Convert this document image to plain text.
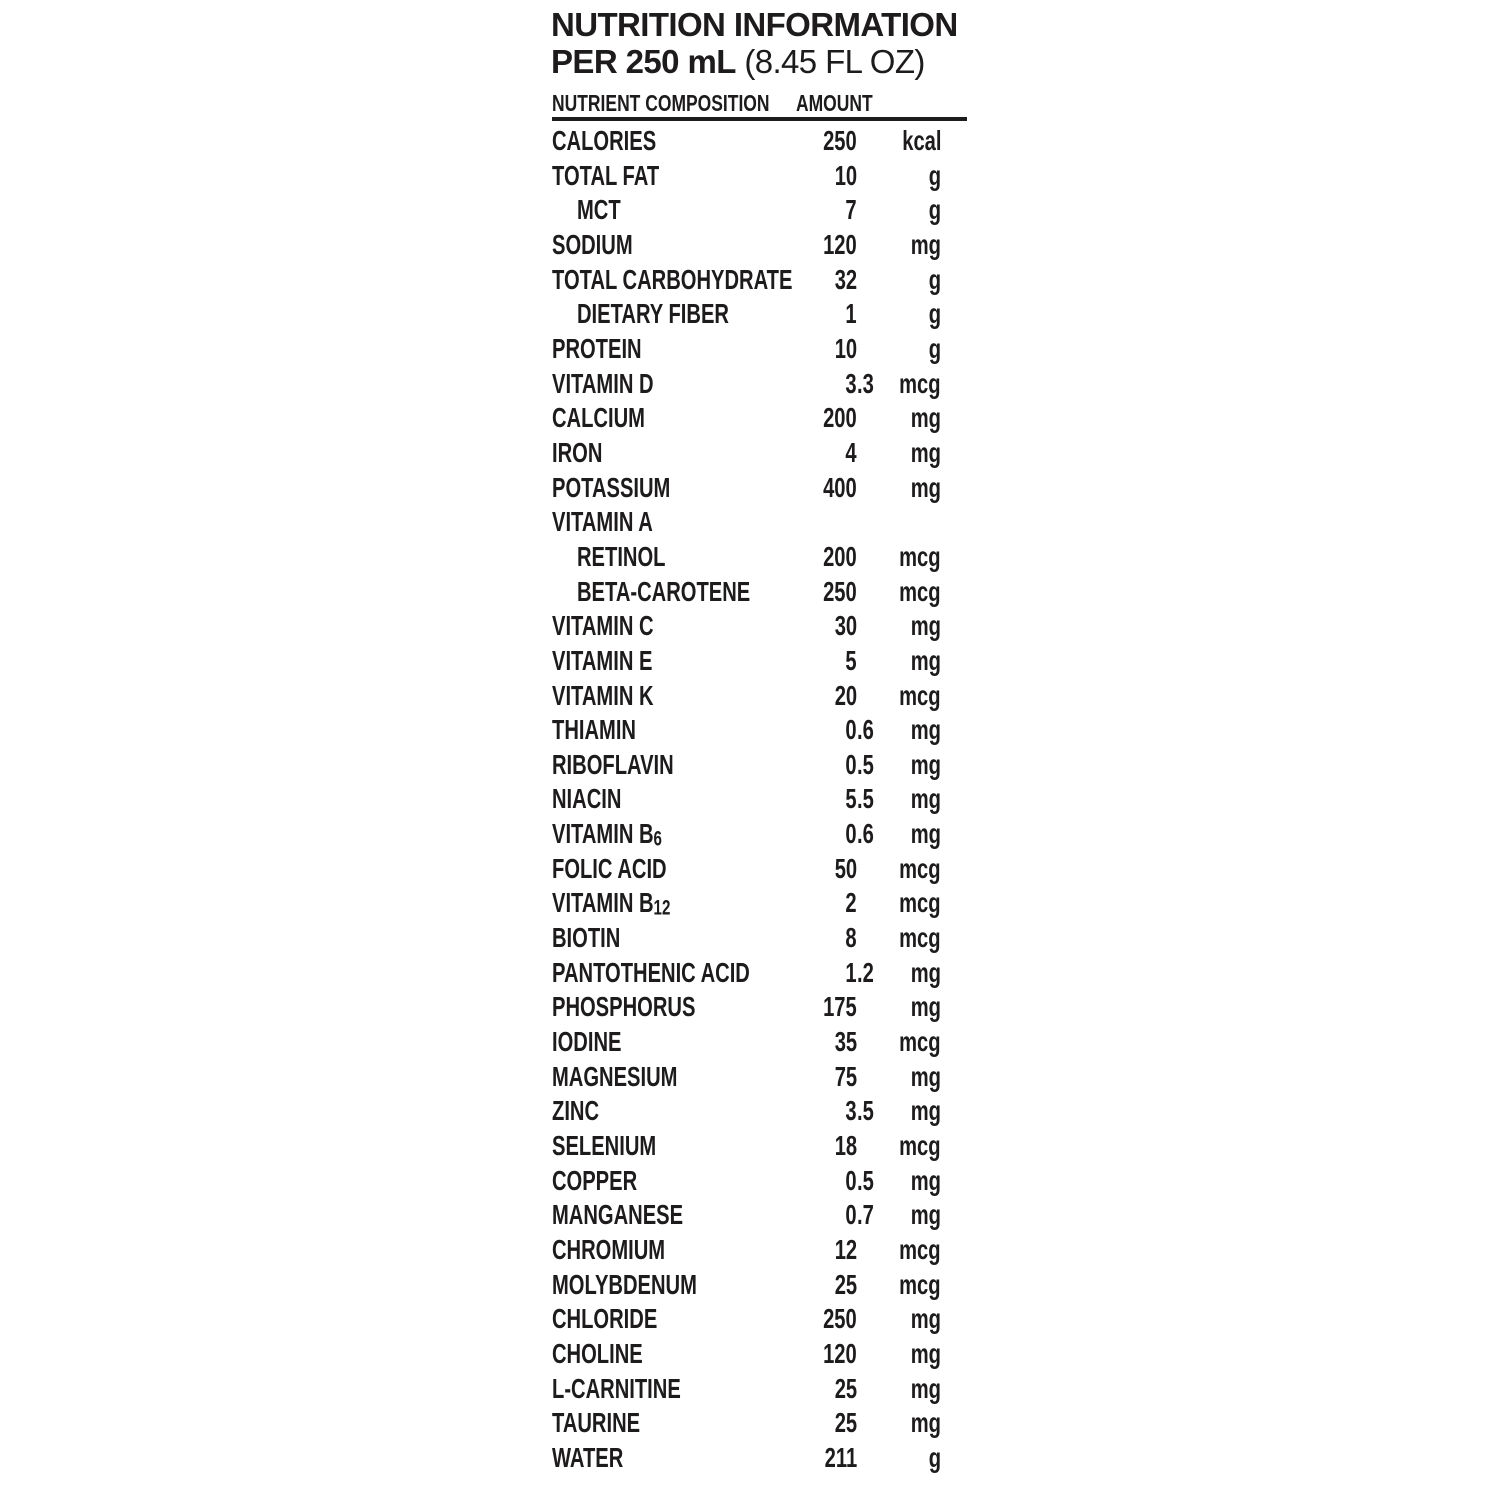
NUTRITION INFORMATION
PER 250 mL (8.45 FL OZ)
NUTRIENT COMPOSITION AMOUNT
CALORIES	250	kcal
TOTAL FAT	10	g
MCT	7	g
SODIUM	120	mg
TOTAL CARBOHYDRATE	32	g
DIETARY FIBER	1	g
PROTEIN	10	g
VITAMIN D	3 .3 mcg
CALCIUM	200	mg
IRON	4	mg
POTASSIUM	400	mg
VITAMIN A
RETINOL	200	mcg
BETA-CAROTENE	250	mcg
VITAMIN C	30	mg
VITAMIN E	5	mg
VITAMIN K	20	mcg
THIAMIN	0 .6	mg
RIBOFLAVIN	0 .5	mg
NIACIN	5 .5	mg
VITAMIN B6	0 .6	mg
FOLIC ACID	50	mcg
VITAMIN B12	2	mcg
BIOTIN	8	mcg
PANTOTHENIC ACID	1 .2	mg
PHOSPHORUS	175	mg
IODINE	35	mcg
MAGNESIUM	75	mg
ZINC	3 .5	mg
SELENIUM	18	mcg
COPPER	0 .5	mg
MANGANESE	0 .7	mg
CHROMIUM	12	mcg
MOLYBDENUM	25	mcg
CHLORIDE	250	mg
CHOLINE	120	mg
L-CARNITINE	25	mg
TAURINE	25	mg
WATER	211	g
